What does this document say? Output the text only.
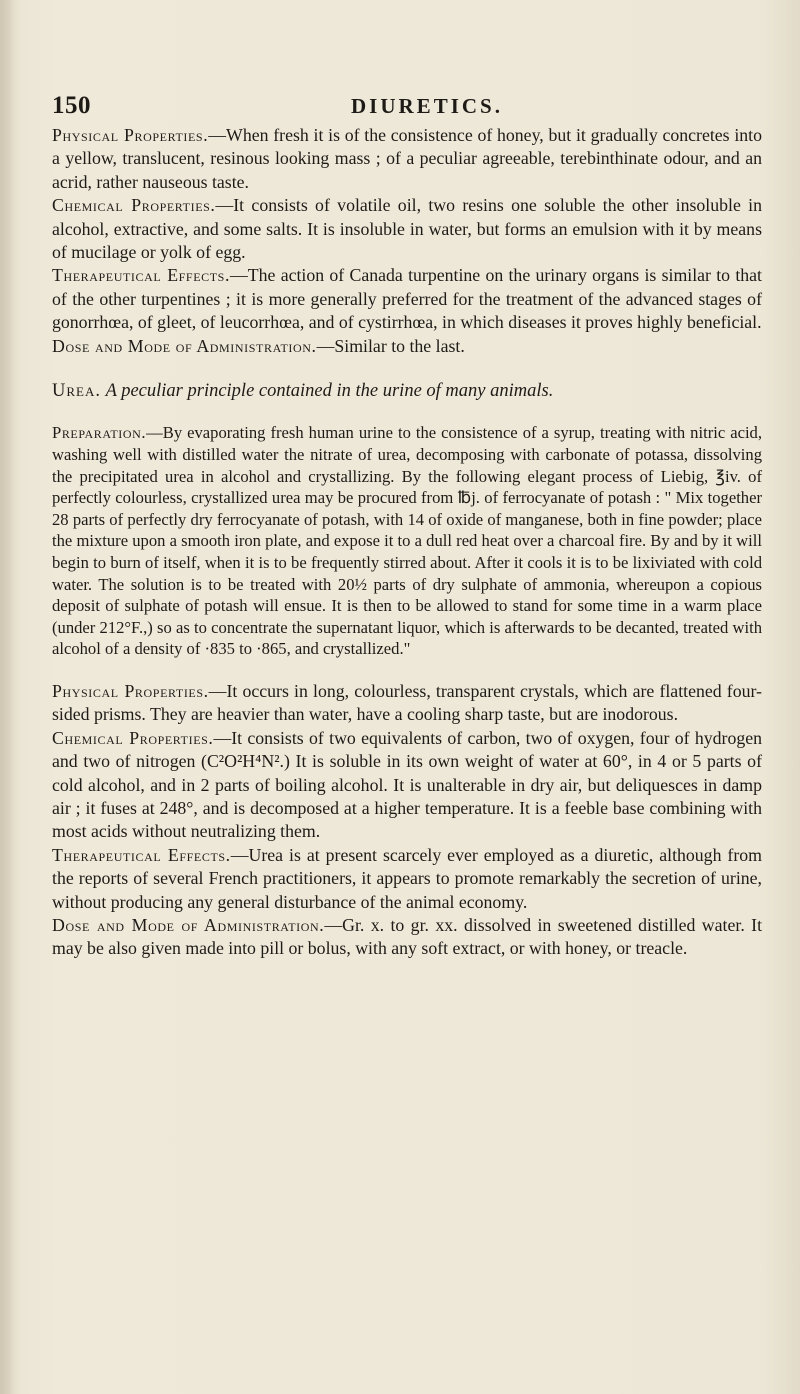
150	DIURETICS.

Physical Properties.—When fresh it is of the consistence of honey, but it gradually concretes into a yellow, translucent, resinous looking mass ; of a peculiar agreeable, terebinthinate odour, and an acrid, rather nauseous taste.

Chemical Properties.—It consists of volatile oil, two resins one soluble the other insoluble in alcohol, extractive, and some salts. It is insoluble in water, but forms an emulsion with it by means of mucilage or yolk of egg.

Therapeutical Effects.—The action of Canada turpentine on the urinary organs is similar to that of the other turpentines ; it is more generally preferred for the treatment of the advanced stages of gonorrhœa, of gleet, of leucorrhœa, and of cystirrhœa, in which diseases it proves highly beneficial.

Dose and Mode of Administration.—Similar to the last.

Urea. A peculiar principle contained in the urine of many animals.

Preparation.—By evaporating fresh human urine to the consistence of a syrup, treating with nitric acid, washing well with distilled water the nitrate of urea, decomposing with carbonate of potassa, dissolving the precipitated urea in alcohol and crystallizing. By the following elegant process of Liebig, ℥iv. of perfectly colourless, crystallized urea may be procured from ℔j. of ferrocyanate of potash : " Mix together 28 parts of perfectly dry ferrocyanate of potash, with 14 of oxide of manganese, both in fine powder; place the mixture upon a smooth iron plate, and expose it to a dull red heat over a charcoal fire. By and by it will begin to burn of itself, when it is to be frequently stirred about. After it cools it is to be lixiviated with cold water. The solution is to be treated with 20½ parts of dry sulphate of ammonia, whereupon a copious deposit of sulphate of potash will ensue. It is then to be allowed to stand for some time in a warm place (under 212°F.,) so as to concentrate the supernatant liquor, which is afterwards to be decanted, treated with alcohol of a density of ·835 to ·865, and crystallized."

Physical Properties.—It occurs in long, colourless, transparent crystals, which are flattened four-sided prisms. They are heavier than water, have a cooling sharp taste, but are inodorous.

Chemical Properties.—It consists of two equivalents of carbon, two of oxygen, four of hydrogen and two of nitrogen (C²O²H⁴N².) It is soluble in its own weight of water at 60°, in 4 or 5 parts of cold alcohol, and in 2 parts of boiling alcohol. It is unalterable in dry air, but deliquesces in damp air ; it fuses at 248°, and is decomposed at a higher temperature. It is a feeble base combining with most acids without neutralizing them.

Therapeutical Effects.—Urea is at present scarcely ever employed as a diuretic, although from the reports of several French practitioners, it appears to promote remarkably the secretion of urine, without producing any general disturbance of the animal economy.

Dose and Mode of Administration.—Gr. x. to gr. xx. dissolved in sweetened distilled water. It may be also given made into pill or bolus, with any soft extract, or with honey, or treacle.
